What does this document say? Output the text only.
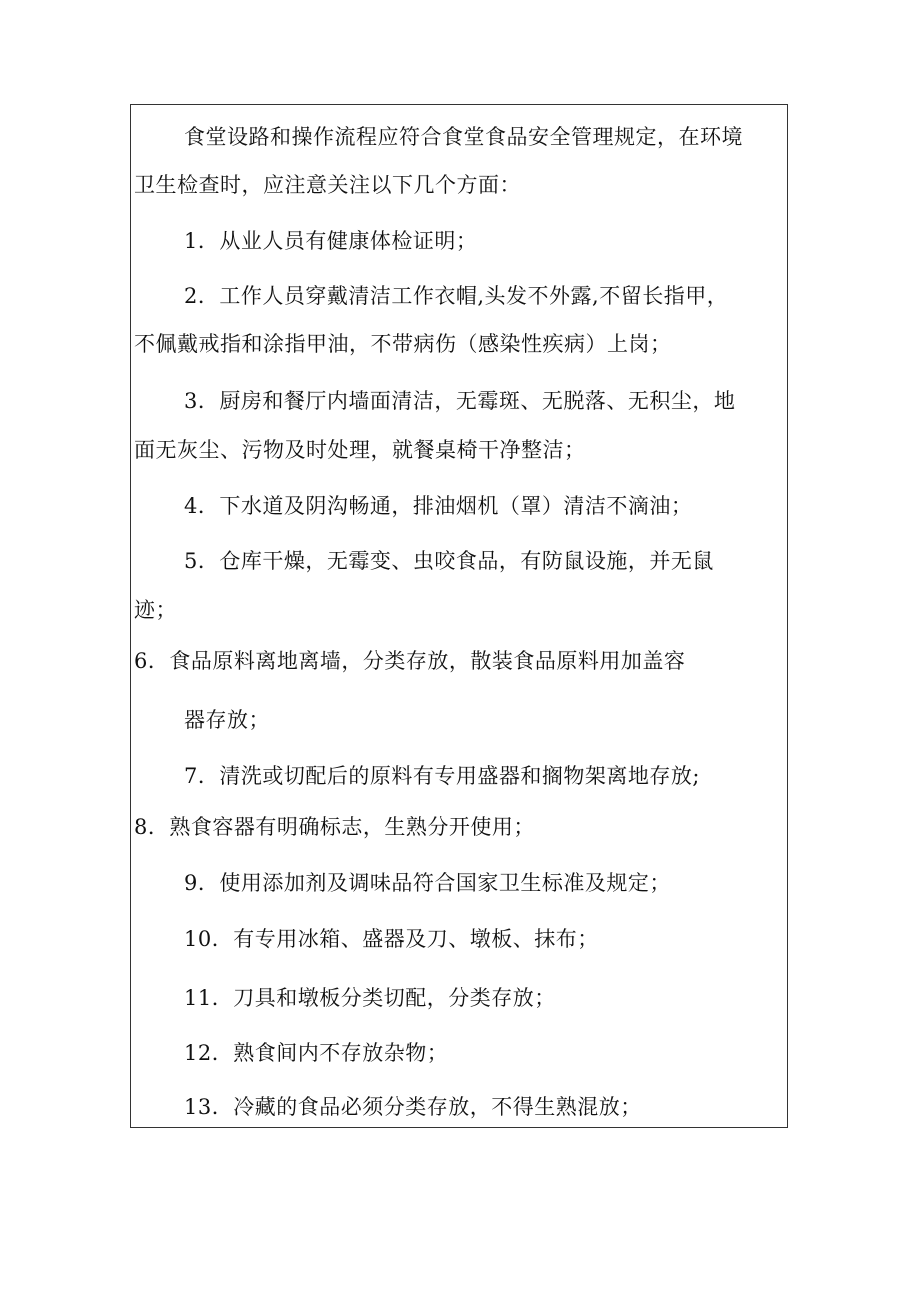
食堂设路和操作流程应符合食堂食品安全管理规定，在环境
卫生检查时，应注意关注以下几个方面：
1．从业人员有健康体检证明；
2．工作人员穿戴清洁工作衣帽,头发不外露,不留长指甲，
不佩戴戒指和涂指甲油，不带病伤（感染性疾病）上岗；
3．厨房和餐厅内墙面清洁，无霉斑、无脱落、无积尘，地
面无灰尘、污物及时处理，就餐桌椅干净整洁；
4．下水道及阴沟畅通，排油烟机（罩）清洁不滴油；
5．仓库干燥，无霉变、虫咬食品，有防鼠设施，并无鼠
迹；
6．食品原料离地离墙，分类存放，散装食品原料用加盖容
器存放；
7．清洗或切配后的原料有专用盛器和搁物架离地存放;
8．熟食容器有明确标志，生熟分开使用；
9．使用添加剂及调味品符合国家卫生标准及规定；
10．有专用冰箱、盛器及刀、墩板、抹布；
11．刀具和墩板分类切配，分类存放；
12．熟食间内不存放杂物；
13．冷藏的食品必须分类存放，不得生熟混放；
